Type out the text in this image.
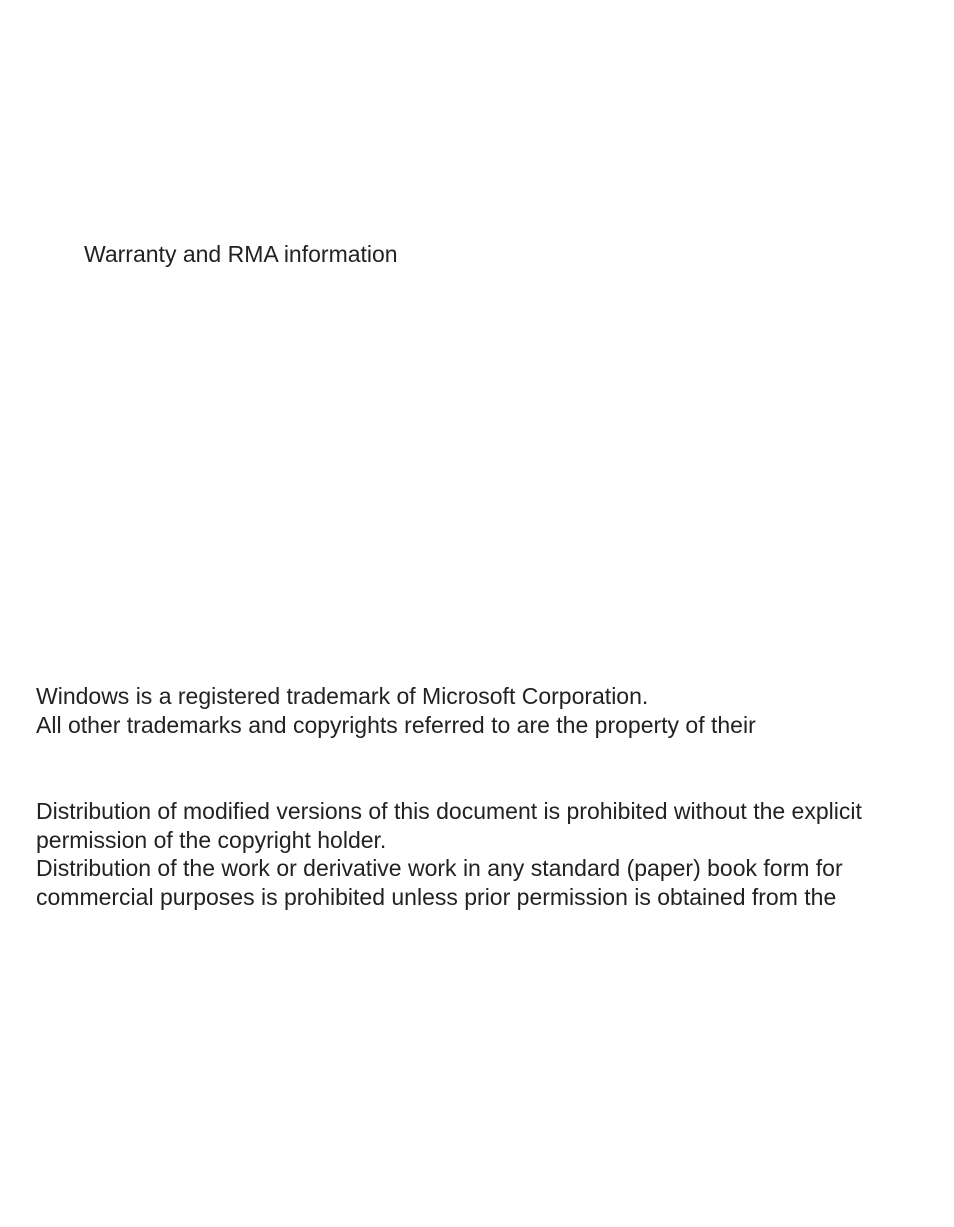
Warranty and RMA information
Windows is a registered trademark of Microsoft Corporation.
All other trademarks and copyrights referred to are the property of their
Distribution of modified versions of this document is prohibited without the explicit
permission of the copyright holder.
Distribution of the work or derivative work in any standard (paper) book form for
commercial purposes is prohibited unless prior permission is obtained from the
